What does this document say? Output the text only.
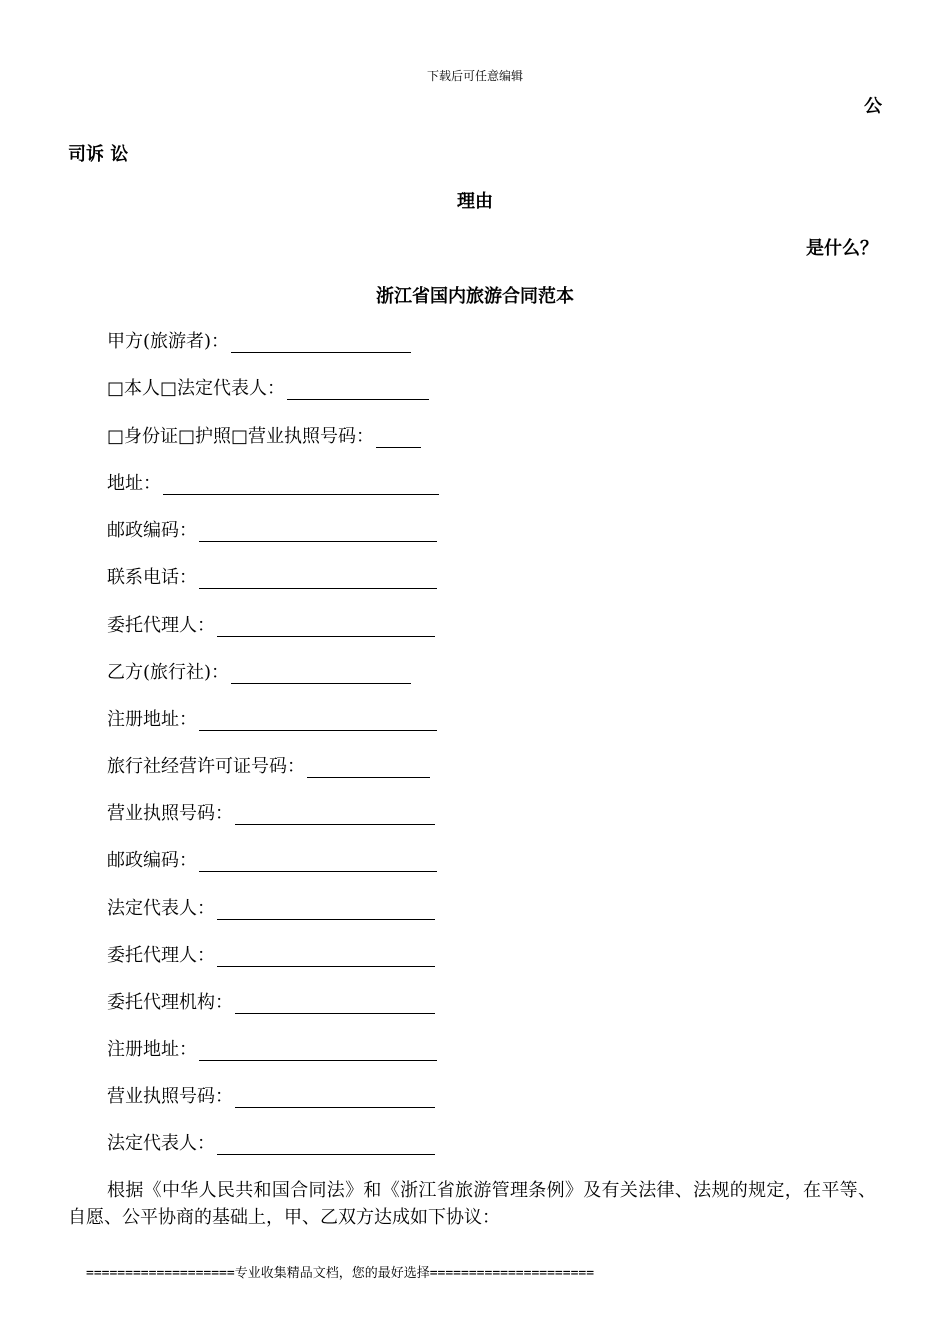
下载后可任意编辑
公
司诉 讼
理由
是什么？
浙江省国内旅游合同范本
甲方(旅游者)：
□本人□法定代表人：
□身份证□护照□营业执照号码：
地址：
邮政编码：
联系电话：
委托代理人：
乙方(旅行社)：
注册地址：
旅行社经营许可证号码：
营业执照号码：
邮政编码：
法定代表人：
委托代理人：
委托代理机构：
注册地址：
营业执照号码：
法定代表人：
根据《中华人民共和国合同法》和《浙江省旅游管理条例》及有关法律、法规的规定，在平等、自愿、公平协商的基础上，甲、乙双方达成如下协议：
===================专业收集精品文档，您的最好选择=====================
